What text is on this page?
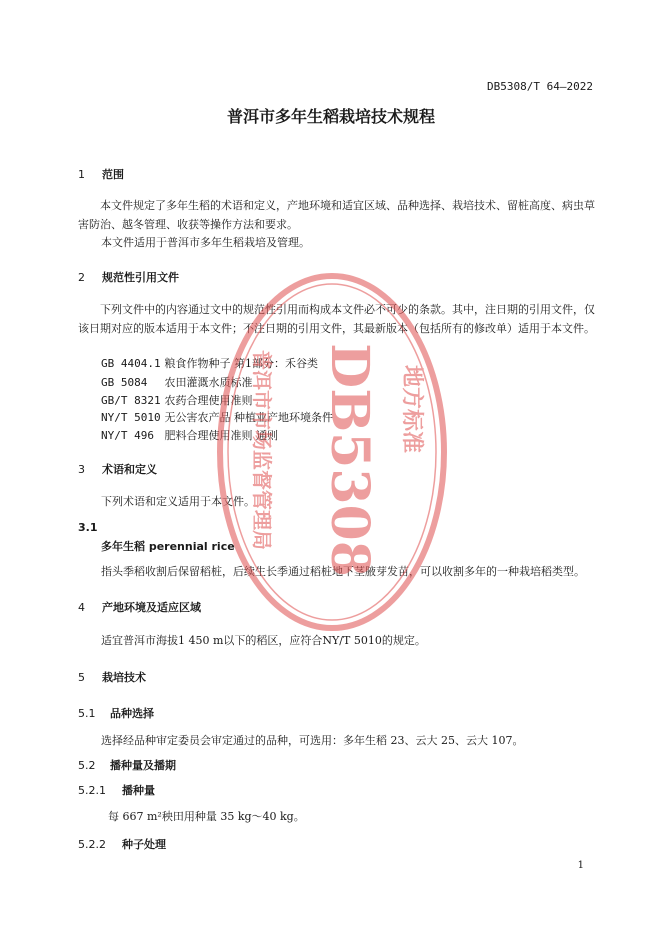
DB5308/T 64—2022
普洱市多年生稻栽培技术规程
1 范围
本文件规定了多年生稻的术语和定义，产地环境和适宜区域、品种选择、栽培技术、留桩高度、病虫草害防治、越冬管理、收获等操作方法和要求。
本文件适用于普洱市多年生稻栽培及管理。
2 规范性引用文件
下列文件中的内容通过文中的规范性引用而构成本文件必不可少的条款。其中，注日期的引用文件，仅该日期对应的版本适用于本文件；不注日期的引用文件，其最新版本（包括所有的修改单）适用于本文件。
GB 4404.1 粮食作物种子 第1部分：禾谷类
GB 5084 农田灌溉水质标准
GB/T 8321 农药合理使用准则
NY/T 5010 无公害农产品 种植业产地环境条件
NY/T 496 肥料合理使用准则 通则
3 术语和定义
下列术语和定义适用于本文件。
3.1
多年生稻 perennial rice
指头季稻收割后保留稻桩，后续生长季通过稻桩地下茎腋芽发苗，可以收割多年的一种栽培稻类型。
4 产地环境及适应区域
适宜普洱市海拔1 450 m以下的稻区，应符合NY/T 5010的规定。
5 栽培技术
5.1 品种选择
选择经品种审定委员会审定通过的品种，可选用：多年生稻 23、云大 25、云大 107。
5.2 播种量及播期
5.2.1 播种量
每 667 m²秧田用种量 35 kg～40 kg。
5.2.2 种子处理
1
DB5308 地方标准
普洱市市场监督管理局
